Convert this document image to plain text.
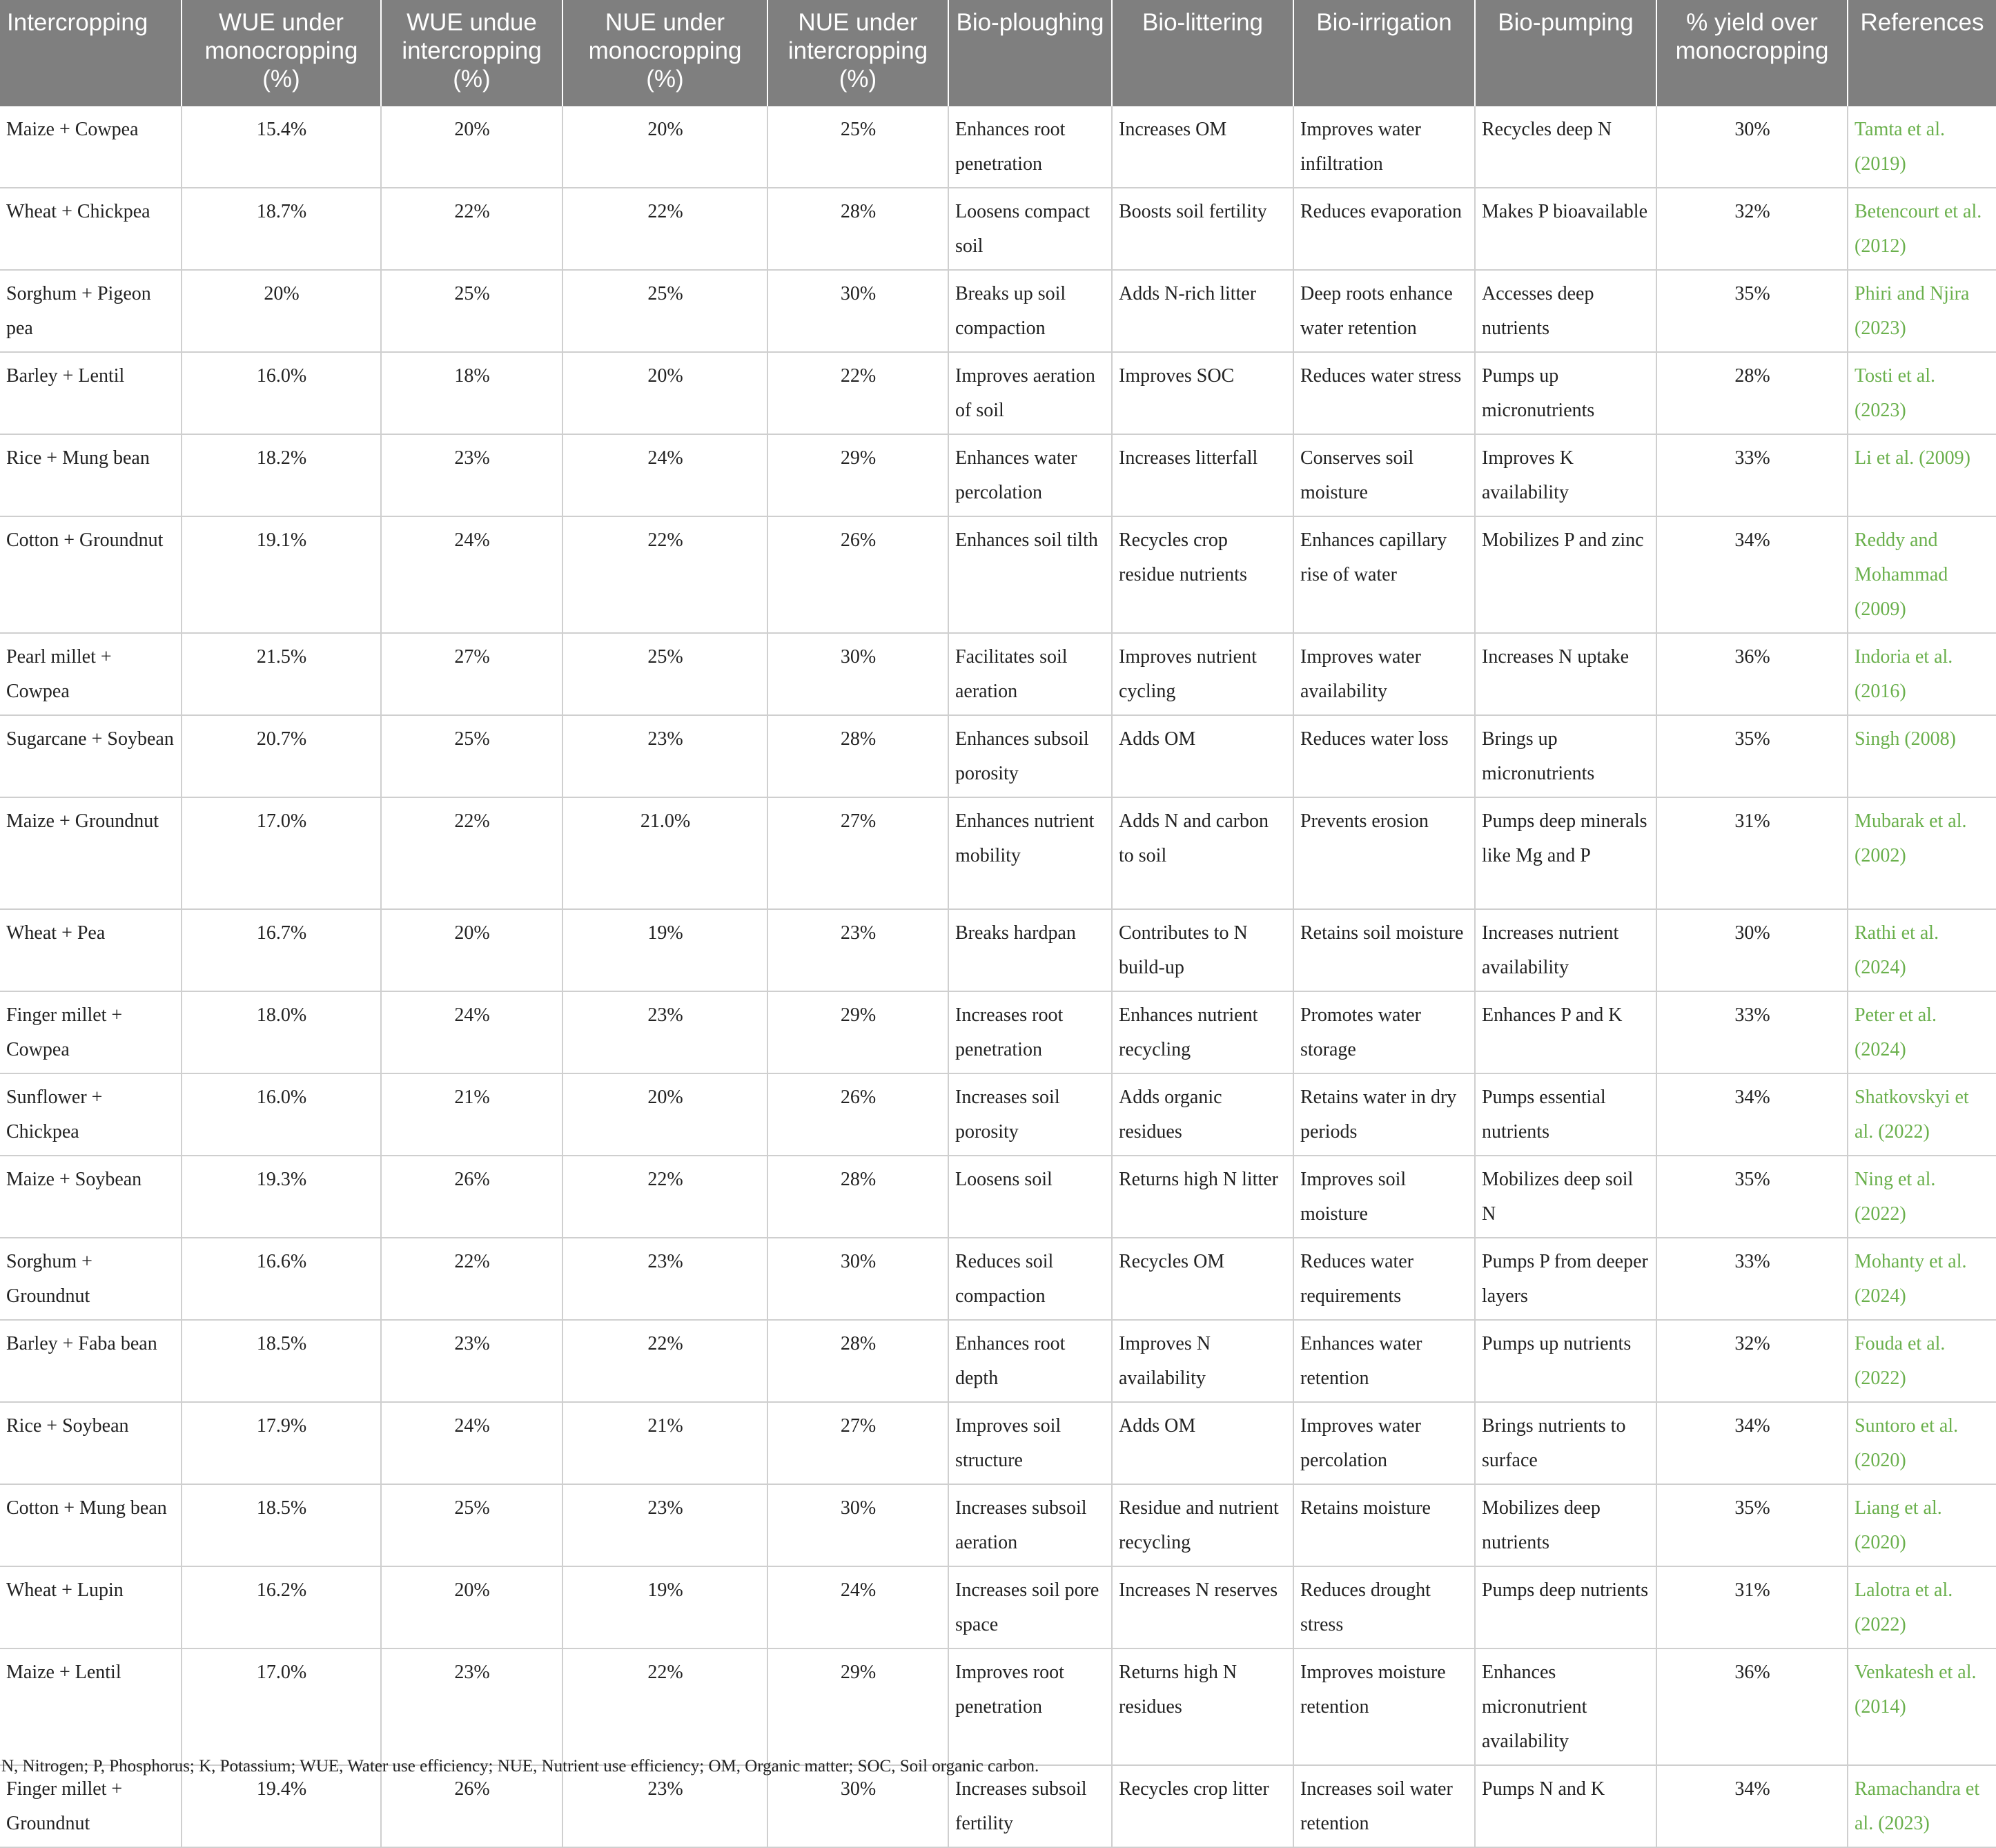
Intercropping	WUE under monocropping (%)	WUE undue intercropping (%)	NUE under monocropping (%)	NUE under intercropping (%)	Bio-ploughing	Bio-littering	Bio-irrigation	Bio-pumping	% yield over monocropping	References
Maize + Cowpea	15.4%	20%	20%	25%	Enhances root penetration	Increases OM	Improves water infiltration	Recycles deep N	30%	Tamta et al. (2019)
Wheat + Chickpea	18.7%	22%	22%	28%	Loosens compact soil	Boosts soil fertility	Reduces evaporation	Makes P bioavailable	32%	Betencourt et al. (2012)
Sorghum + Pigeon pea	20%	25%	25%	30%	Breaks up soil compaction	Adds N-rich litter	Deep roots enhance water retention	Accesses deep nutrients	35%	Phiri and Njira (2023)
Barley + Lentil	16.0%	18%	20%	22%	Improves aeration of soil	Improves SOC	Reduces water stress	Pumps up micronutrients	28%	Tosti et al. (2023)
Rice + Mung bean	18.2%	23%	24%	29%	Enhances water percolation	Increases litterfall	Conserves soil moisture	Improves K availability	33%	Li et al. (2009)
Cotton + Groundnut	19.1%	24%	22%	26%	Enhances soil tilth	Recycles crop residue nutrients	Enhances capillary rise of water	Mobilizes P and zinc	34%	Reddy and Mohammad (2009)
Pearl millet + Cowpea	21.5%	27%	25%	30%	Facilitates soil aeration	Improves nutrient cycling	Improves water availability	Increases N uptake	36%	Indoria et al. (2016)
Sugarcane + Soybean	20.7%	25%	23%	28%	Enhances subsoil porosity	Adds OM	Reduces water loss	Brings up micronutrients	35%	Singh (2008)
Maize + Groundnut	17.0%	22%	21.0%	27%	Enhances nutrient mobility	Adds N and carbon to soil	Prevents erosion	Pumps deep minerals like Mg and P	31%	Mubarak et al. (2002)
Wheat + Pea	16.7%	20%	19%	23%	Breaks hardpan	Contributes to N build-up	Retains soil moisture	Increases nutrient availability	30%	Rathi et al. (2024)
Finger millet + Cowpea	18.0%	24%	23%	29%	Increases root penetration	Enhances nutrient recycling	Promotes water storage	Enhances P and K	33%	Peter et al. (2024)
Sunflower + Chickpea	16.0%	21%	20%	26%	Increases soil porosity	Adds organic residues	Retains water in dry periods	Pumps essential nutrients	34%	Shatkovskyi et al. (2022)
Maize + Soybean	19.3%	26%	22%	28%	Loosens soil	Returns high N litter	Improves soil moisture	Mobilizes deep soil N	35%	Ning et al. (2022)
Sorghum + Groundnut	16.6%	22%	23%	30%	Reduces soil compaction	Recycles OM	Reduces water requirements	Pumps P from deeper layers	33%	Mohanty et al. (2024)
Barley + Faba bean	18.5%	23%	22%	28%	Enhances root depth	Improves N availability	Enhances water retention	Pumps up nutrients	32%	Fouda et al. (2022)
Rice + Soybean	17.9%	24%	21%	27%	Improves soil structure	Adds OM	Improves water percolation	Brings nutrients to surface	34%	Suntoro et al. (2020)
Cotton + Mung bean	18.5%	25%	23%	30%	Increases subsoil aeration	Residue and nutrient recycling	Retains moisture	Mobilizes deep nutrients	35%	Liang et al. (2020)
Wheat + Lupin	16.2%	20%	19%	24%	Increases soil pore space	Increases N reserves	Reduces drought stress	Pumps deep nutrients	31%	Lalotra et al. (2022)
Maize + Lentil	17.0%	23%	22%	29%	Improves root penetration	Returns high N residues	Improves moisture retention	Enhances micronutrient availability	36%	Venkatesh et al. (2014)
Finger millet + Groundnut	19.4%	26%	23%	30%	Increases subsoil fertility	Recycles crop litter	Increases soil water retention	Pumps N and K	34%	Ramachandra et al. (2023)
N, Nitrogen; P, Phosphorus; K, Potassium; WUE, Water use efficiency; NUE, Nutrient use efficiency; OM, Organic matter; SOC, Soil organic carbon.
